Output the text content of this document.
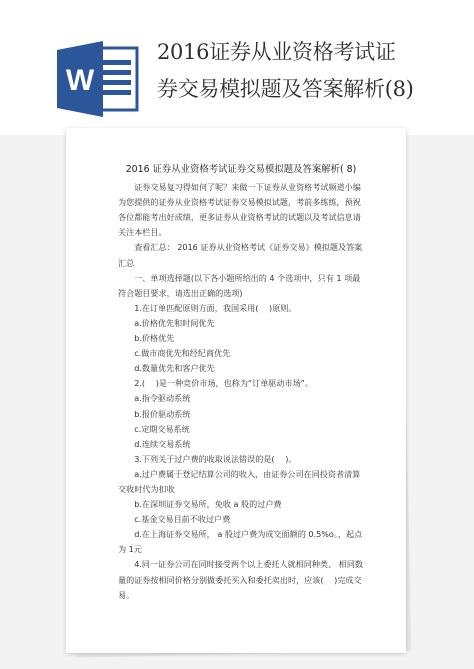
W
2016证券从业资格考试证
券交易模拟题及答案解析(8)
2016 证券从业资格考试证券交易模拟题及答案解析( 8)

证券交易复习得如何了呢？来做一下证券从业资格考试频道小编为您提供的证券从业资格考试证券交易模拟试题，考前多练练，预祝各位都能考出好成绩，更多证券从业资格考试的试题以及考试信息请关注本栏目。

查看汇总： 2016 证券从业资格考试《证券交易》模拟题及答案汇总

一、单项选择题(以下各小题所给出的 4 个选项中，只有 1 项最符合题目要求，请选出正确的选项)

1.在订单匹配原则方面，我国采用(　 )原则。

a.价格优先和时间优先

b.价格优先

c.做市商优先和经纪商优先

d.数量优先和客户优先

2.(　 )是一种竞价市场，也称为“订单驱动市场”。

a.指令驱动系统

b.报价驱动系统

c.定期交易系统

d.连续交易系统

3.下列关于过户费的收取说法错误的是(　 )。

a.过户费属于登记结算公司的收入，由证券公司在同投资者清算交收时代为扣收

b.在深圳证券交易所，免收 a 股的过户费

c.基金交易目前不收过户费

d.在上海证券交易所， a 股过户费为成交面额的 0.5%o。，起点为 1元

4.同一证券公司在同时接受两个以上委托人就相同种类、 相同数量的证券按相同价格分别做委托买入和委托卖出时，应该(　 )完成交易。
